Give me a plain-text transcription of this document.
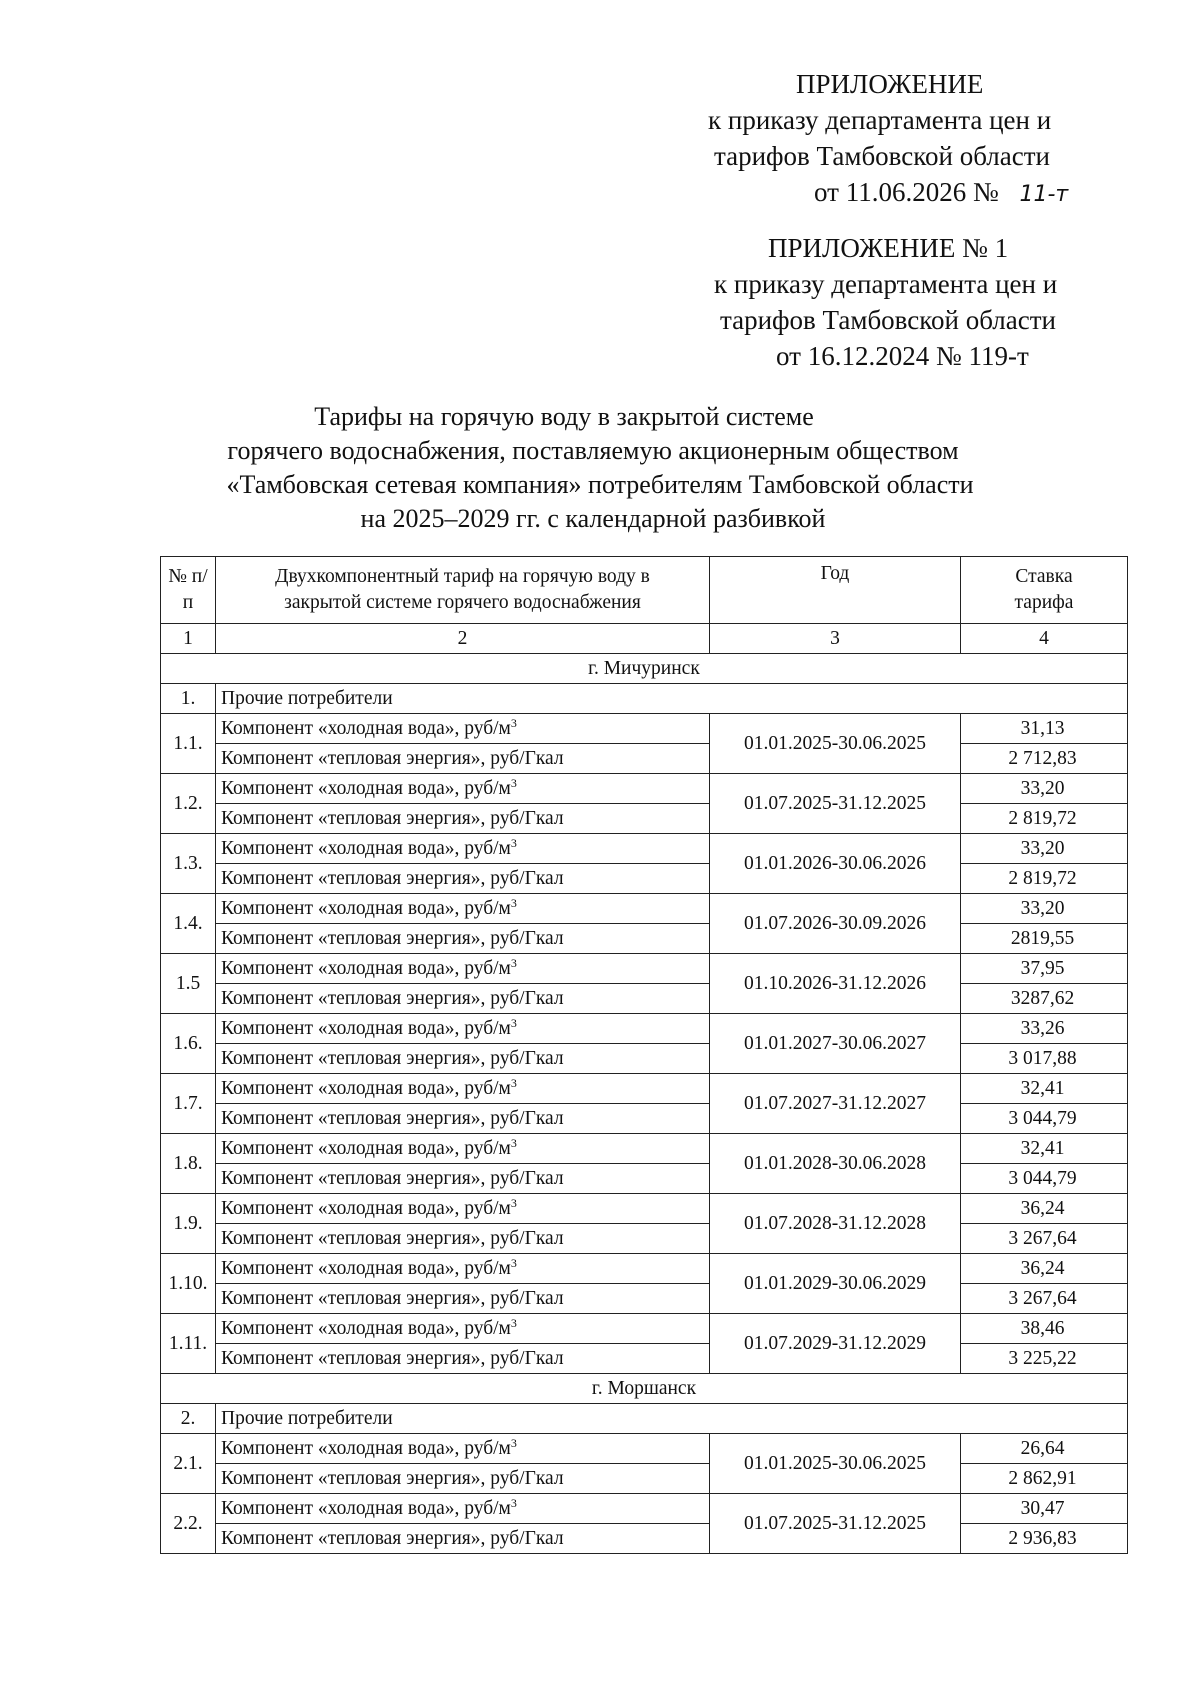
ПРИЛОЖЕНИЕ
к приказу департамента цен и
тарифов Тамбовской области
от 11.06.2026 № 11-т
ПРИЛОЖЕНИЕ № 1
к приказу департамента цен и
тарифов Тамбовской области
от 16.12.2024 № 119-т
Тарифы на горячую воду в закрытой системе
горячего водоснабжения, поставляемую акционерным обществом
«Тамбовская сетевая компания» потребителям Тамбовской области
на 2025–2029 гг. с календарной разбивкой
№ п/п	Двухкомпонентный тариф на горячую воду в закрытой системе горячего водоснабжения	Год	Ставка тарифа
1	2	3	4
г. Мичуринск			
1.	Прочие потребители		
1.1.	Компонент «холодная вода», руб/$м^3$	01.01.2025-30.06.2025	31,13
	Компонент «тепловая энергия», руб/Гкал		2 712,83
1.2.	Компонент «холодная вода», руб/$м^3$	01.07.2025-31.12.2025	33,20
	Компонент «тепловая энергия», руб/Гкал		2 819,72
1.3.	Компонент «холодная вода», руб/$м^3$	01.01.2026-30.06.2026	33,20
	Компонент «тепловая энергия», руб/Гкал		2 819,72
1.4.	Компонент «холодная вода», руб/$м^3$	01.07.2026-30.09.2026	33,20
	Компонент «тепловая энергия», руб/Гкал		2819,55
1.5	Компонент «холодная вода», руб/$м^3$	01.10.2026-31.12.2026	37,95
	Компонент «тепловая энергия», руб/Гкал		3287,62
1.6.	Компонент «холодная вода», руб/$м^3$	01.01.2027-30.06.2027	33,26
	Компонент «тепловая энергия», руб/Гкал		3 017,88
1.7.	Компонент «холодная вода», руб/$м^3$	01.07.2027-31.12.2027	32,41
	Компонент «тепловая энергия», руб/Гкал		3 044,79
1.8.	Компонент «холодная вода», руб/$м^3$	01.01.2028-30.06.2028	32,41
	Компонент «тепловая энергия», руб/Гкал		3 044,79
1.9.	Компонент «холодная вода», руб/$м^3$	01.07.2028-31.12.2028	36,24
	Компонент «тепловая энергия», руб/Гкал		3 267,64
1.10.	Компонент «холодная вода», руб/$м^3$	01.01.2029-30.06.2029	36,24
	Компонент «тепловая энергия», руб/Гкал		3 267,64
1.11.	Компонент «холодная вода», руб/$м^3$	01.07.2029-31.12.2029	38,46
	Компонент «тепловая энергия», руб/Гкал		3 225,22
г. Моршанск			
2.	Прочие потребители		
2.1.	Компонент «холодная вода», руб/$м^3$	01.01.2025-30.06.2025	26,64
	Компонент «тепловая энергия», руб/Гкал		2 862,91
2.2.	Компонент «холодная вода», руб/$м^3$	01.07.2025-31.12.2025	30,47
	Компонент «тепловая энергия», руб/Гкал		2 936,83
